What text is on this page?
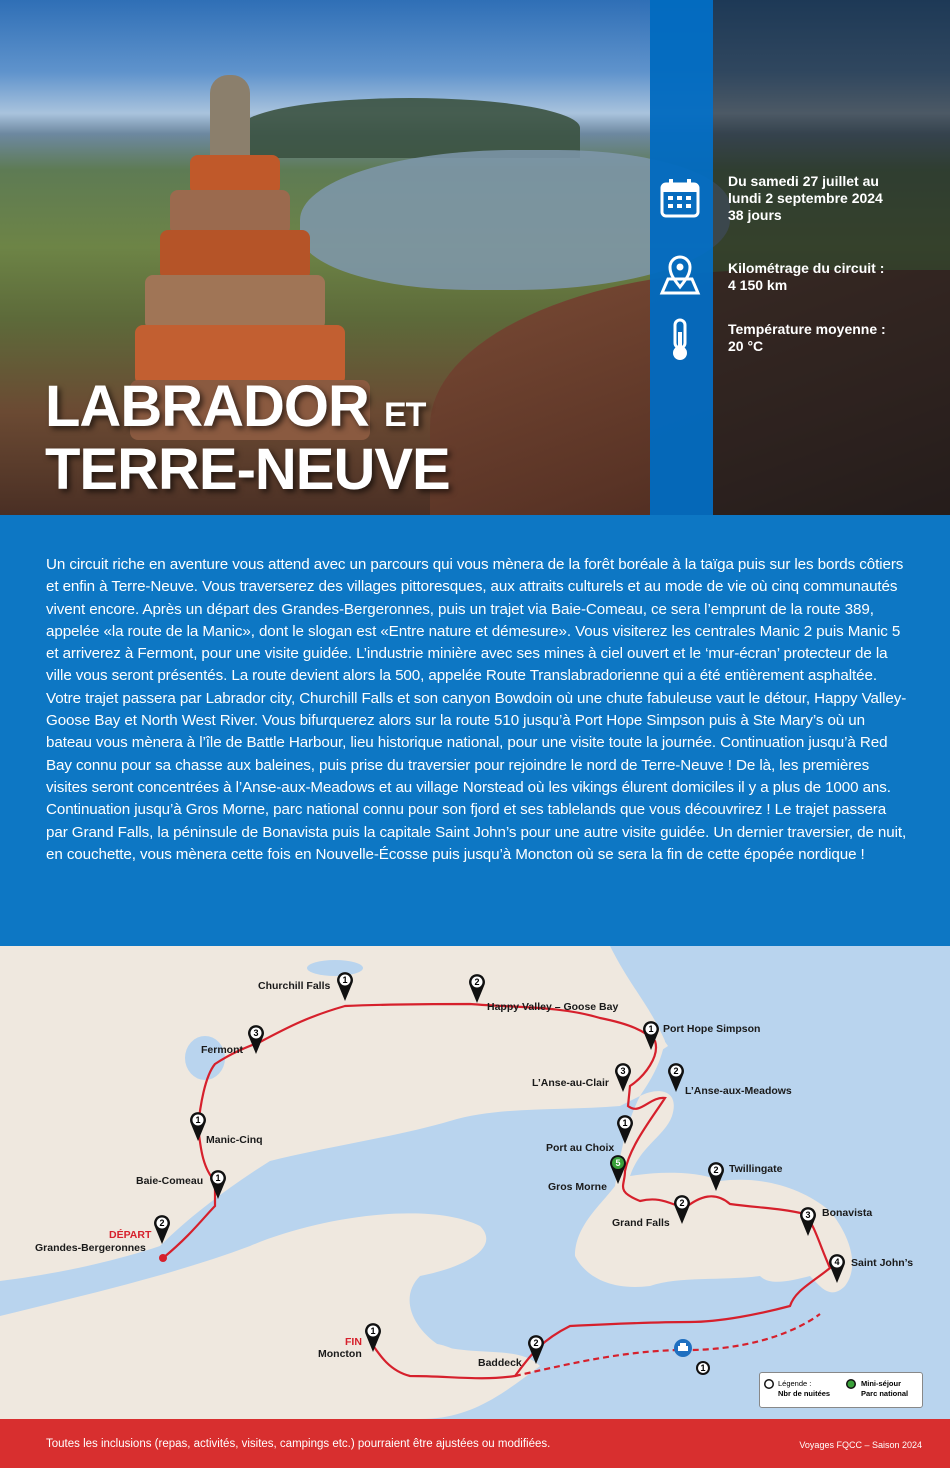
Du samedi 27 juillet au
lundi 2 septembre 2024
38 jours
Kilométrage du circuit :
4 150 km
Température moyenne :
20 °C
LABRADOR ET
TERRE-NEUVE
Un circuit riche en aventure vous attend avec un parcours qui vous mènera de la forêt boréale à la taïga puis sur les bords côtiers et enfin à Terre-Neuve. Vous traverserez des villages pittoresques, aux attraits culturels et au mode de vie où cinq communautés vivent encore. Après un départ des Grandes-Bergeronnes, puis un trajet via Baie-Comeau, ce sera l’emprunt de la route 389, appelée «la route de la Manic», dont le slogan est «Entre nature et démesure». Vous visiterez les centrales Manic 2 puis Manic 5 et arriverez à Fermont, pour une visite guidée. L’industrie minière avec ses mines à ciel ouvert et le ‘mur-écran’ protecteur de la ville vous seront présentés. La route devient alors la 500, appelée Route Translabradorienne qui a été entièrement asphaltée. Votre trajet passera par Labrador city, Churchill Falls et son canyon Bowdoin où une chute fabuleuse vaut le détour, Happy Valley-Goose Bay et North West River. Vous bifurquerez alors sur la route 510 jusqu’à Port Hope Simpson puis à Ste Mary’s où un bateau vous mènera à l’île de Battle Harbour, lieu historique national, pour une visite toute la journée. Continuation jusqu’à Red Bay connu pour sa chasse aux baleines, puis prise du traversier pour rejoindre le nord de Terre-Neuve ! De là, les premières visites seront concentrées à l’Anse-aux-Meadows et au village Norstead où les vikings élurent domiciles il y a plus de 1000 ans. Continuation jusqu’à Gros Morne, parc national connu pour son fjord et ses tablelands que vous découvrirez ! Le trajet passera par Grand Falls, la péninsule de Bonavista puis la capitale Saint John’s pour une autre visite guidée. Un dernier traversier, de nuit, en couchette, vous mènera cette fois en Nouvelle-Écosse puis jusqu’à Moncton où se sera la fin de cette épopée nordique !
Churchill Falls
Happy Valley – Goose Bay
Fermont
Port Hope Simpson
L’Anse-au-Clair
L’Anse-aux-Meadows
Manic-Cinq
Port au Choix
Baie-Comeau	Gros Morne
Twillingate
Grand Falls
Bonavista
DÉPART
Grandes-Bergeronnes
Saint John’s
FIN
Moncton
Baddeck
1	2
3	1
3	2
1	1
1
5
2
2
3
2
4
1
2
1
Légende :
Nbr de nuitées
Mini-séjour
Parc national
Toutes les inclusions (repas, activités, visites, campings etc.) pourraient être ajustées ou modifiées.	Voyages FQCC – Saison 2024
